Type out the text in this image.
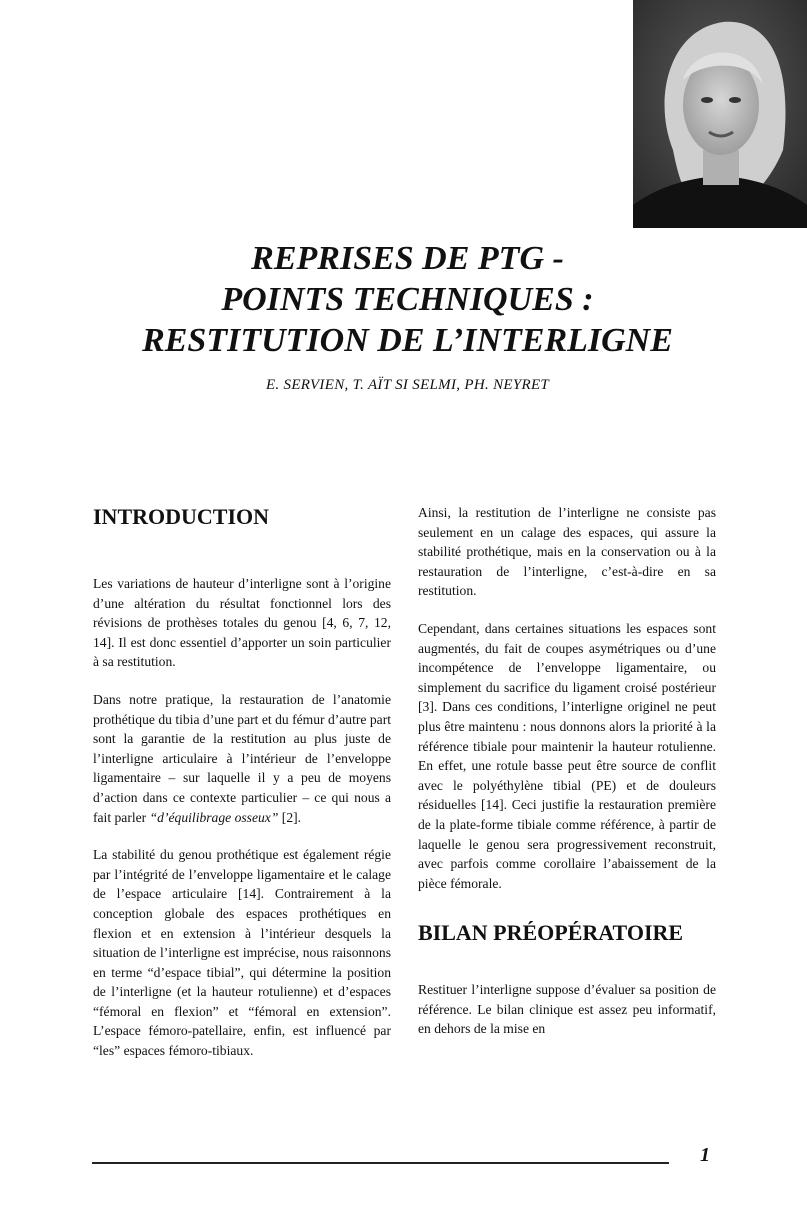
REPRISES DE PTG -
POINTS TECHNIQUES :
RESTITUTION DE L’INTERLIGNE
E. SERVIEN, T. AÏT SI SELMI, PH. NEYRET
INTRODUCTION

Les variations de hauteur d’interligne sont à l’origine d’une altération du résultat fonctionnel lors des révisions de prothèses totales du genou [4, 6, 7, 12, 14]. Il est donc essentiel d’apporter un soin particulier à sa restitution.

Dans notre pratique, la restauration de l’anatomie prothétique du tibia d’une part et du fémur d’autre part sont la garantie de la restitution au plus juste de l’interligne articulaire à l’intérieur de l’enveloppe ligamentaire – sur laquelle il y a peu de moyens d’action dans ce contexte particulier – ce qui nous a fait parler “d’équilibrage osseux” [2].

La stabilité du genou prothétique est également régie par l’intégrité de l’enveloppe ligamentaire et le calage de l’espace articulaire [14]. Contrairement à la conception globale des espaces prothétiques en flexion et en extension à l’intérieur desquels la situation de l’interligne est imprécise, nous raisonnons en terme “d’espace tibial”, qui détermine la position de l’interligne (et la hauteur rotulienne) et d’espaces “fémoral en flexion” et “fémoral en extension”. L’espace fémoro-patellaire, enfin, est influencé par “les” espaces fémoro-tibiaux.

Ainsi, la restitution de l’interligne ne consiste pas seulement en un calage des espaces, qui assure la stabilité prothétique, mais en la conservation ou à la restauration de l’interligne, c’est-à-dire en sa restitution.

Cependant, dans certaines situations les espaces sont augmentés, du fait de coupes asymétriques ou d’une incompétence de l’enveloppe ligamentaire, ou simplement du sacrifice du ligament croisé postérieur [3]. Dans ces conditions, l’interligne originel ne peut plus être maintenu : nous donnons alors la priorité à la référence tibiale pour maintenir la hauteur rotulienne. En effet, une rotule basse peut être source de conflit avec le polyéthylène tibial (PE) et de douleurs résiduelles [14]. Ceci justifie la restauration première de la plate-forme tibiale comme référence, à partir de laquelle le genou sera progressivement reconstruit, avec parfois comme corollaire l’abaissement de la pièce fémorale.

BILAN PRÉOPÉRATOIRE

Restituer l’interligne suppose d’évaluer sa position de référence. Le bilan clinique est assez peu informatif, en dehors de la mise en

1
